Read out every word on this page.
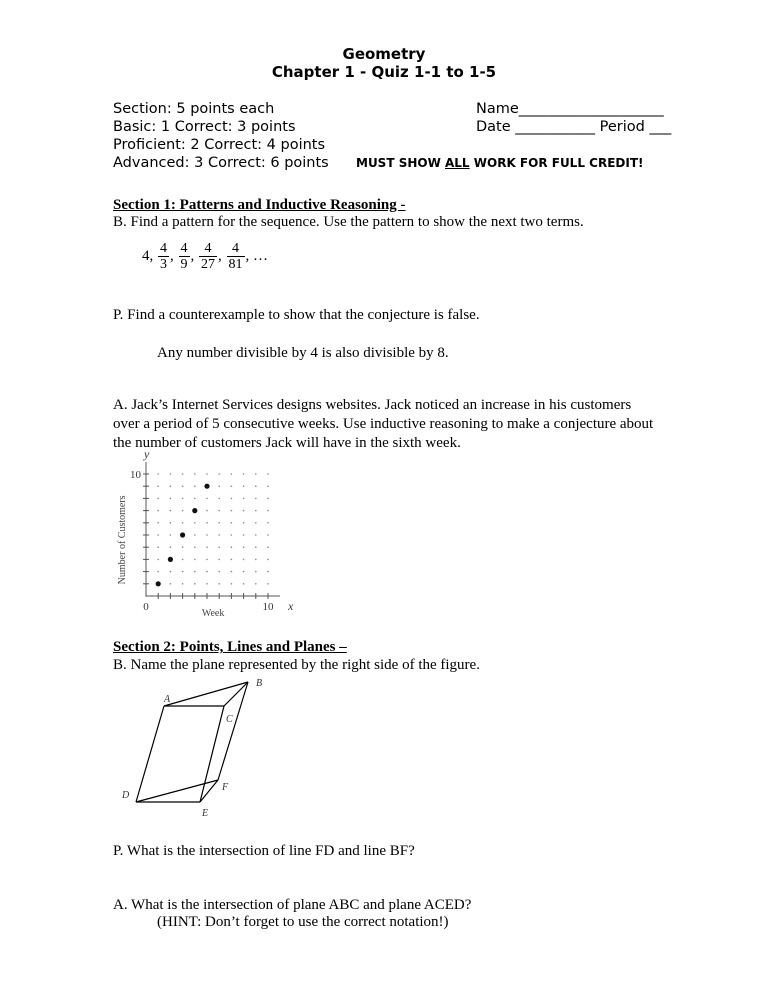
Geometry
Chapter 1 - Quiz 1-1 to 1-5
Section: 5 points each
Basic: 1 Correct: 3 points
Proficient: 2 Correct: 4 points
Advanced: 3 Correct: 6 points
Name____________________
Date ___________ Period ___
MUST SHOW ALL WORK FOR FULL CREDIT!
Section 1: Patterns and Inductive Reasoning -
B. Find a pattern for the sequence. Use the pattern to show the next two terms.
4, $\frac{4}{3}$ , $\frac{4}{9}$ , $\frac{4}{27}$ , $\frac{4}{81}$ , …
P. Find a counterexample to show that the conjecture is false.
Any number divisible by 4 is also divisible by 8.
A. Jack’s Internet Services designs websites. Jack noticed an increase in his customers over a period of 5 consecutive weeks. Use inductive reasoning to make a conjecture about the number of customers Jack will have in the sixth week.
0	10
10
Week
x
y
Number of Customers
Section 2: Points, Lines and Planes –
B. Name the plane represented by the right side of the figure.
A
B
C
D
E
F
P. What is the intersection of line FD and line BF?
A. What is the intersection of plane ABC and plane ACED?
(HINT: Don’t forget to use the correct notation!)
